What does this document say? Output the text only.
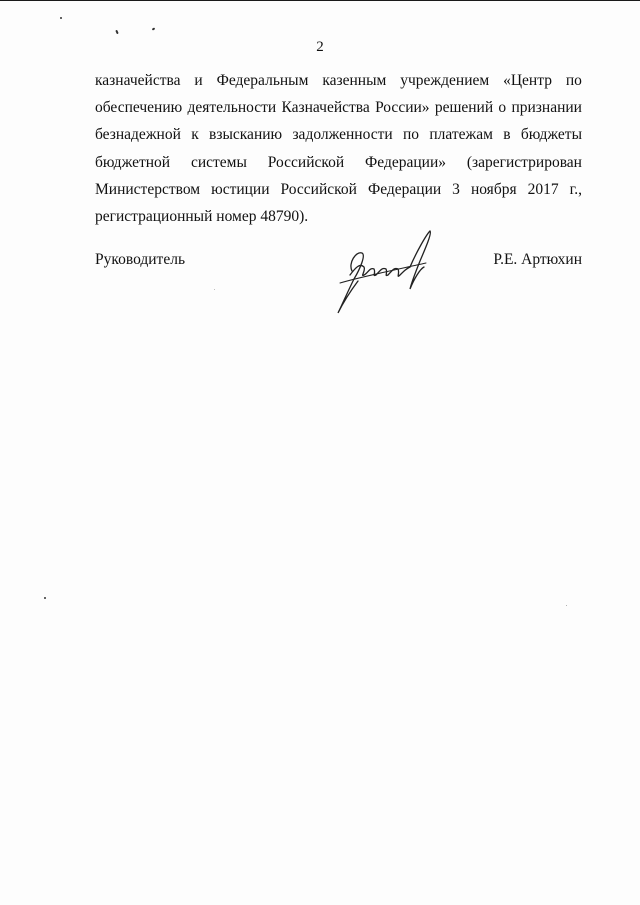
2
казначейства и Федеральным казенным учреждением «Центр по
обеспечению деятельности Казначейства России» решений о признании
безнадежной к взысканию задолженности по платежам в бюджеты
бюджетной системы Российской Федерации» (зарегистрирован
Министерством юстиции Российской Федерации 3 ноября 2017 г.,
регистрационный номер 48790).
Руководитель	Р.Е. Артюхин
